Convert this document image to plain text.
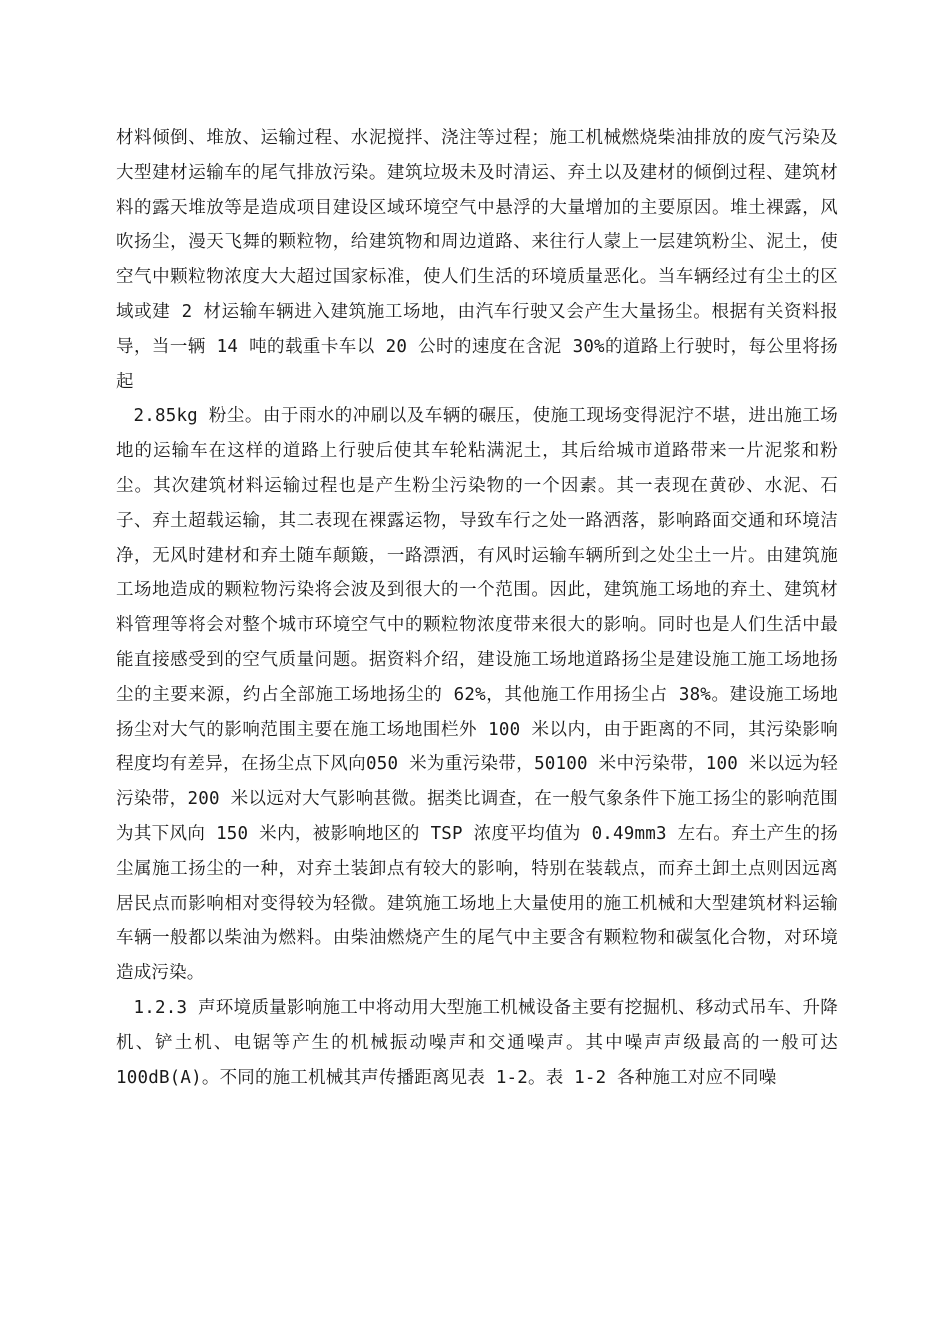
材料倾倒、堆放、运输过程、水泥搅拌、浇注等过程；施工机械燃烧柴油排放的废气污染及大型建材运输车的尾气排放污染。建筑垃圾未及时清运、弃土以及建材的倾倒过程、建筑材料的露天堆放等是造成项目建设区域环境空气中悬浮的大量增加的主要原因。堆土裸露，风吹扬尘，漫天飞舞的颗粒物，给建筑物和周边道路、来往行人蒙上一层建筑粉尘、泥土，使空气中颗粒物浓度大大超过国家标准，使人们生活的环境质量恶化。当车辆经过有尘土的区域或建 2 材运输车辆进入建筑施工场地，由汽车行驶又会产生大量扬尘。根据有关资料报导，当一辆 14 吨的载重卡车以 20 公时的速度在含泥 30%的道路上行驶时，每公里将扬起

2.85kg 粉尘。由于雨水的冲刷以及车辆的碾压，使施工现场变得泥泞不堪，进出施工场地的运输车在这样的道路上行驶后使其车轮粘满泥土，其后给城市道路带来一片泥浆和粉尘。其次建筑材料运输过程也是产生粉尘污染物的一个因素。其一表现在黄砂、水泥、石子、弃土超载运输，其二表现在裸露运物，导致车行之处一路洒落，影响路面交通和环境洁净，无风时建材和弃土随车颠簸，一路漂洒，有风时运输车辆所到之处尘土一片。由建筑施工场地造成的颗粒物污染将会波及到很大的一个范围。因此，建筑施工场地的弃土、建筑材料管理等将会对整个城市环境空气中的颗粒物浓度带来很大的影响。同时也是人们生活中最能直接感受到的空气质量问题。据资料介绍，建设施工场地道路扬尘是建设施工施工场地扬尘的主要来源，约占全部施工场地扬尘的 62%，其他施工作用扬尘占 38%。建设施工场地扬尘对大气的影响范围主要在施工场地围栏外 100 米以内，由于距离的不同，其污染影响程度均有差异，在扬尘点下风向050 米为重污染带，50100 米中污染带，100 米以远为轻污染带，200 米以远对大气影响甚微。据类比调查，在一般气象条件下施工扬尘的影响范围为其下风向 150 米内，被影响地区的 TSP 浓度平均值为 0.49mm3 左右。弃土产生的扬尘属施工扬尘的一种，对弃土装卸点有较大的影响，特别在装载点，而弃土卸土点则因远离居民点而影响相对变得较为轻微。建筑施工场地上大量使用的施工机械和大型建筑材料运输车辆一般都以柴油为燃料。由柴油燃烧产生的尾气中主要含有颗粒物和碳氢化合物，对环境造成污染。

1.2.3 声环境质量影响施工中将动用大型施工机械设备主要有挖掘机、移动式吊车、升降机、铲土机、电锯等产生的机械振动噪声和交通噪声。其中噪声声级最高的一般可达 100dB(A)。不同的施工机械其声传播距离见表 1-2。表 1-2 各种施工对应不同噪
